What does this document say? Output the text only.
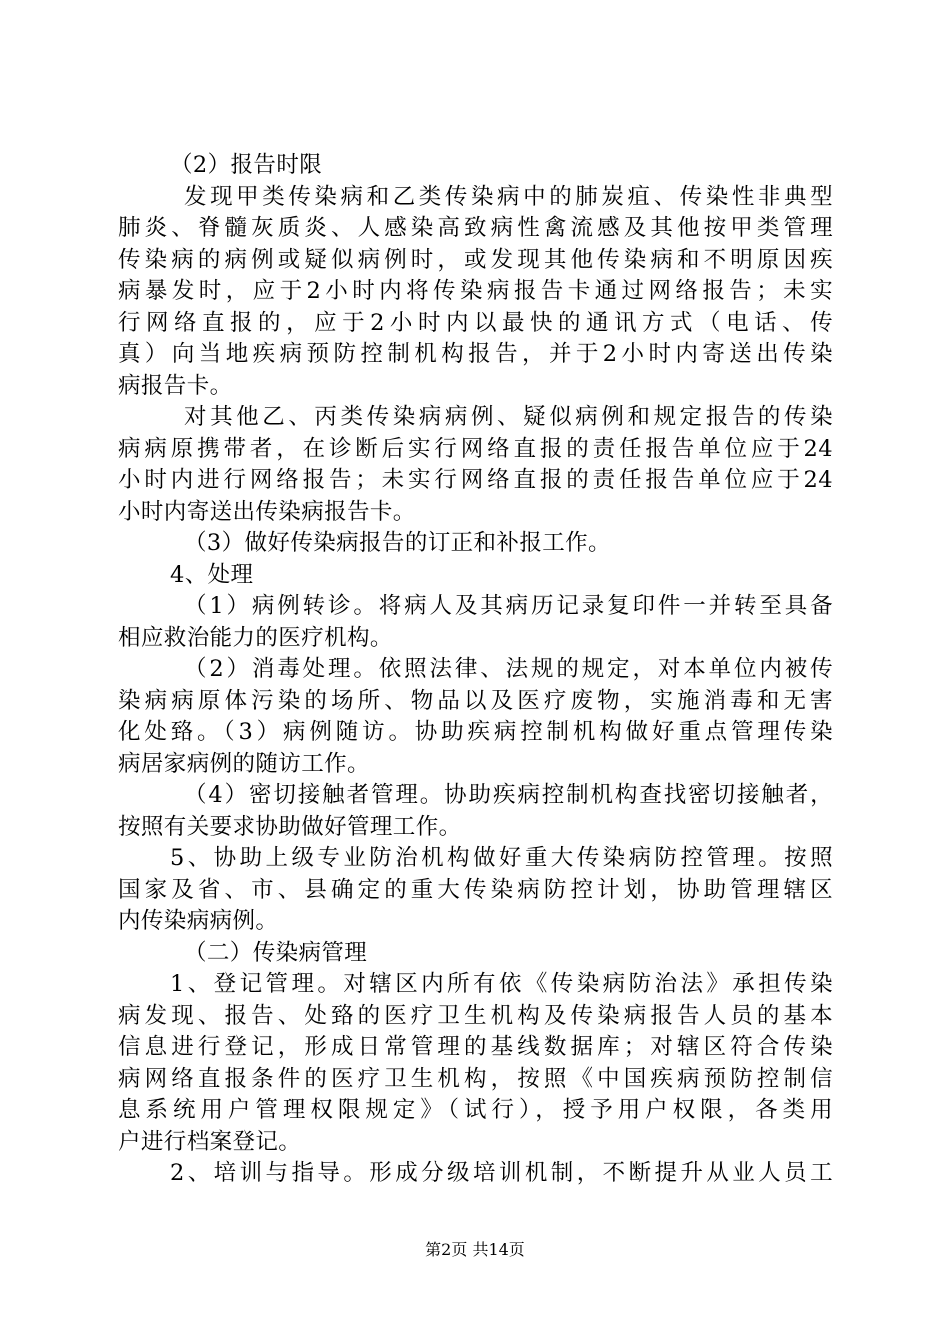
（2）报告时限
发现甲类传染病和乙类传染病中的肺炭疽、传染性非典型
肺炎、脊髓灰质炎、人感染高致病性禽流感及其他按甲类管理
传染病的病例或疑似病例时，或发现其他传染病和不明原因疾
病暴发时，应于2小时内将传染病报告卡通过网络报告；未实
行网络直报的，应于2小时内以最快的通讯方式（电话、传
真）向当地疾病预防控制机构报告，并于2小时内寄送出传染
病报告卡。
对其他乙、丙类传染病病例、疑似病例和规定报告的传染
病病原携带者，在诊断后实行网络直报的责任报告单位应于24
小时内进行网络报告；未实行网络直报的责任报告单位应于24
小时内寄送出传染病报告卡。
（3）做好传染病报告的订正和补报工作。
4、处理
（1）病例转诊。将病人及其病历记录复印件一并转至具备
相应救治能力的医疗机构。
（2）消毒处理。依照法律、法规的规定，对本单位内被传
染病病原体污染的场所、物品以及医疗废物，实施消毒和无害
化处臵。（3）病例随访。协助疾病控制机构做好重点管理传染
病居家病例的随访工作。
（4）密切接触者管理。协助疾病控制机构查找密切接触者，
按照有关要求协助做好管理工作。
5、协助上级专业防治机构做好重大传染病防控管理。按照
国家及省、市、县确定的重大传染病防控计划，协助管理辖区
内传染病病例。
（二）传染病管理
1、登记管理。对辖区内所有依《传染病防治法》承担传染
病发现、报告、处臵的医疗卫生机构及传染病报告人员的基本
信息进行登记，形成日常管理的基线数据库；对辖区符合传染
病网络直报条件的医疗卫生机构，按照《中国疾病预防控制信
息系统用户管理权限规定》（试行），授予用户权限，各类用
户进行档案登记。
2、培训与指导。形成分级培训机制，不断提升从业人员工
第2页 共14页
